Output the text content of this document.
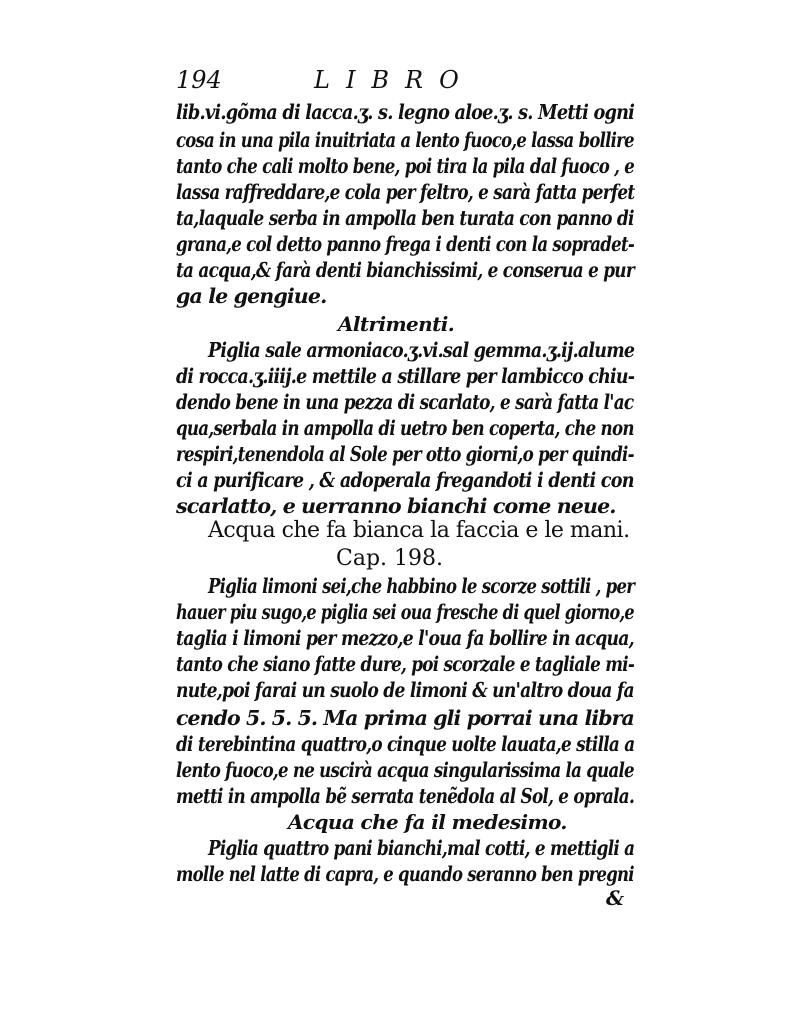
194	LIBRO
lib.vi.gõma di lacca.ʒ. s. legno aloe.ʒ. s. Metti ogni
cosa in una pila inuitriata a lento fuoco,e lassa bollire
tanto che cali molto bene, poi tira la pila dal fuoco , e
lassa raffreddare,e cola per feltro, e sarà fatta perfet
ta,laquale serba in ampolla ben turata con panno di
grana,e col detto panno frega i denti con la sopradet-
ta acqua,& farà denti bianchissimi, e conserua e pur
ga le gengiue.
Altrimenti.
Piglia sale armoniaco.ʒ.vi.sal gemma.ʒ.ij.alume
di rocca.ʒ.iiij.e mettile a stillare per lambicco chiu-
dendo bene in una pezza di scarlato, e sarà fatta l'ac
qua,serbala in ampolla di uetro ben coperta, che non
respiri,tenendola al Sole per otto giorni,o per quindi-
ci a purificare , & adoperala fregandoti i denti con
scarlatto, e uerranno bianchi come neue.
Acqua che fa bianca la faccia e le mani.
Cap. 198.
Piglia limoni sei,che habbino le scorze sottili , per
hauer piu sugo,e piglia sei oua fresche di quel giorno,e
taglia i limoni per mezzo,e l'oua fa bollire in acqua,
tanto che siano fatte dure, poi scorzale e tagliale mi-
nute,poi farai un suolo de limoni & un'altro doua fa
cendo 5. 5. 5. Ma prima gli porrai una libra
di terebintina quattro,o cinque uolte lauata,e stilla a
lento fuoco,e ne uscirà acqua singularissima la quale
metti in ampolla bẽ serrata tenẽdola al Sol, e oprala.
Acqua che fa il medesimo.
Piglia quattro pani bianchi,mal cotti, e mettigli a
molle nel latte di capra, e quando seranno ben pregni
&
